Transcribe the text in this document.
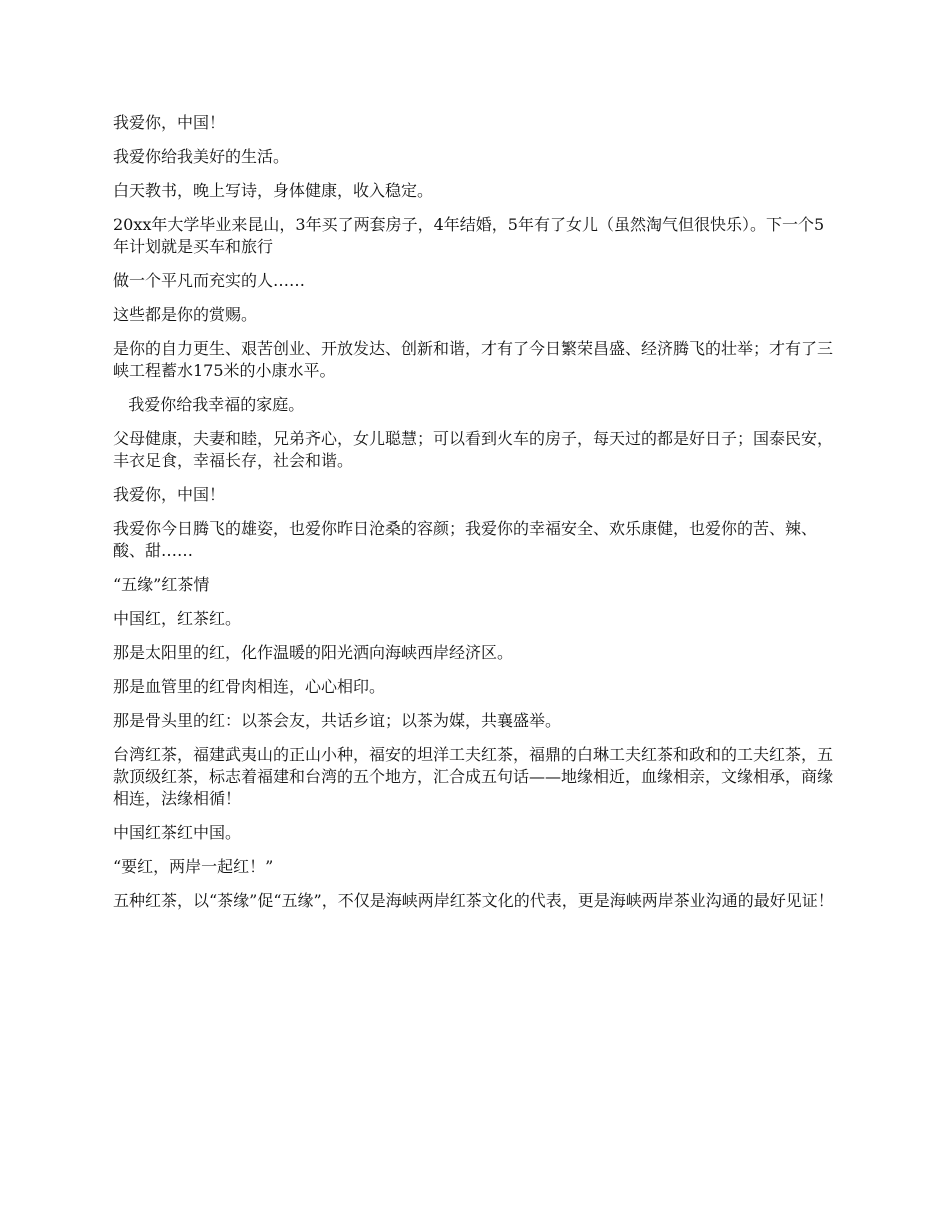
我爱你，中国！

我爱你给我美好的生活。

白天教书，晚上写诗，身体健康，收入稳定。

20xx年大学毕业来昆山，3年买了两套房子，4年结婚，5年有了女儿（虽然淘气但很快乐）。下一个5年计划就是买车和旅行

做一个平凡而充实的人……

这些都是你的赏赐。

是你的自力更生、艰苦创业、开放发达、创新和谐，才有了今日繁荣昌盛、经济腾飞的壮举；才有了三峡工程蓄水175米的小康水平。

我爱你给我幸福的家庭。

父母健康，夫妻和睦，兄弟齐心，女儿聪慧；可以看到火车的房子，每天过的都是好日子；国泰民安，丰衣足食，幸福长存，社会和谐。

我爱你，中国！

我爱你今日腾飞的雄姿，也爱你昨日沧桑的容颜；我爱你的幸福安全、欢乐康健，也爱你的苦、辣、酸、甜……

“五缘”红茶情

中国红，红茶红。

那是太阳里的红，化作温暖的阳光洒向海峡西岸经济区。

那是血管里的红骨肉相连，心心相印。

那是骨头里的红：以茶会友，共话乡谊；以茶为媒，共襄盛举。

台湾红茶，福建武夷山的正山小种，福安的坦洋工夫红茶，福鼎的白琳工夫红茶和政和的工夫红茶，五款顶级红茶，标志着福建和台湾的五个地方，汇合成五句话——地缘相近，血缘相亲，文缘相承，商缘相连，法缘相循！

中国红茶红中国。

“要红，两岸一起红！”

五种红茶，以“茶缘”促“五缘”，不仅是海峡两岸红茶文化的代表，更是海峡两岸茶业沟通的最好见证！
